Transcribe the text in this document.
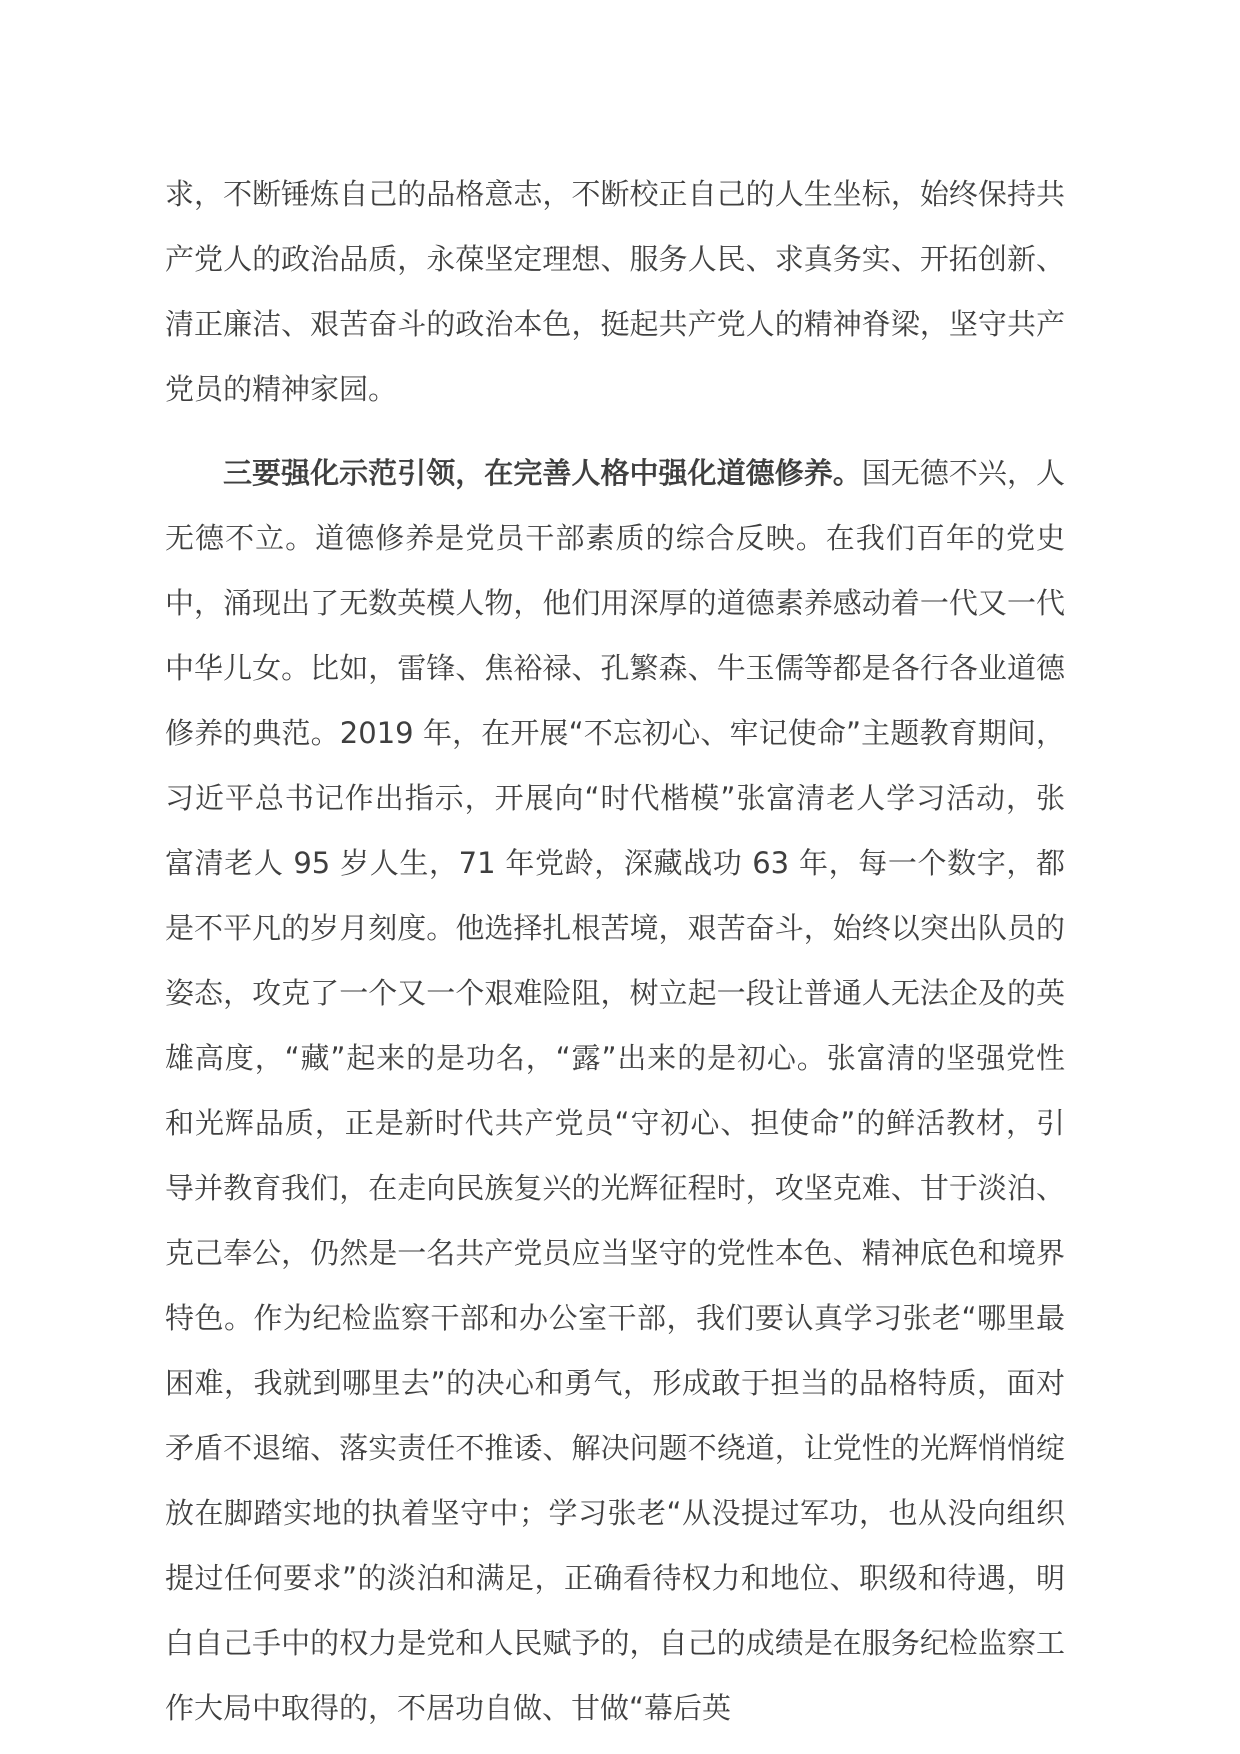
求，不断锤炼自己的品格意志，不断校正自己的人生坐标，始终保持共产党人的政治品质，永葆坚定理想、服务人民、求真务实、开拓创新、清正廉洁、艰苦奋斗的政治本色，挺起共产党人的精神脊梁，坚守共产党员的精神家园。

三要强化示范引领，在完善人格中强化道德修养。国无德不兴，人无德不立。道德修养是党员干部素质的综合反映。在我们百年的党史中，涌现出了无数英模人物，他们用深厚的道德素养感动着一代又一代中华儿女。比如，雷锋、焦裕禄、孔繁森、牛玉儒等都是各行各业道德修养的典范。2019 年，在开展“不忘初心、牢记使命”主题教育期间，习近平总书记作出指示，开展向“时代楷模”张富清老人学习活动，张富清老人 95 岁人生，71 年党龄，深藏战功 63 年，每一个数字，都是不平凡的岁月刻度。他选择扎根苦境，艰苦奋斗，始终以突出队员的姿态，攻克了一个又一个艰难险阻，树立起一段让普通人无法企及的英雄高度，“藏”起来的是功名，“露”出来的是初心。张富清的坚强党性和光辉品质，正是新时代共产党员“守初心、担使命”的鲜活教材，引导并教育我们，在走向民族复兴的光辉征程时，攻坚克难、甘于淡泊、克己奉公，仍然是一名共产党员应当坚守的党性本色、精神底色和境界特色。作为纪检监察干部和办公室干部，我们要认真学习张老“哪里最困难，我就到哪里去”的决心和勇气，形成敢于担当的品格特质，面对矛盾不退缩、落实责任不推诿、解决问题不绕道，让党性的光辉悄悄绽放在脚踏实地的执着坚守中；学习张老“从没提过军功，也从没向组织提过任何要求”的淡泊和满足，正确看待权力和地位、职级和待遇，明白自己手中的权力是党和人民赋予的，自己的成绩是在服务纪检监察工作大局中取得的，不居功自做、甘做“幕后英
